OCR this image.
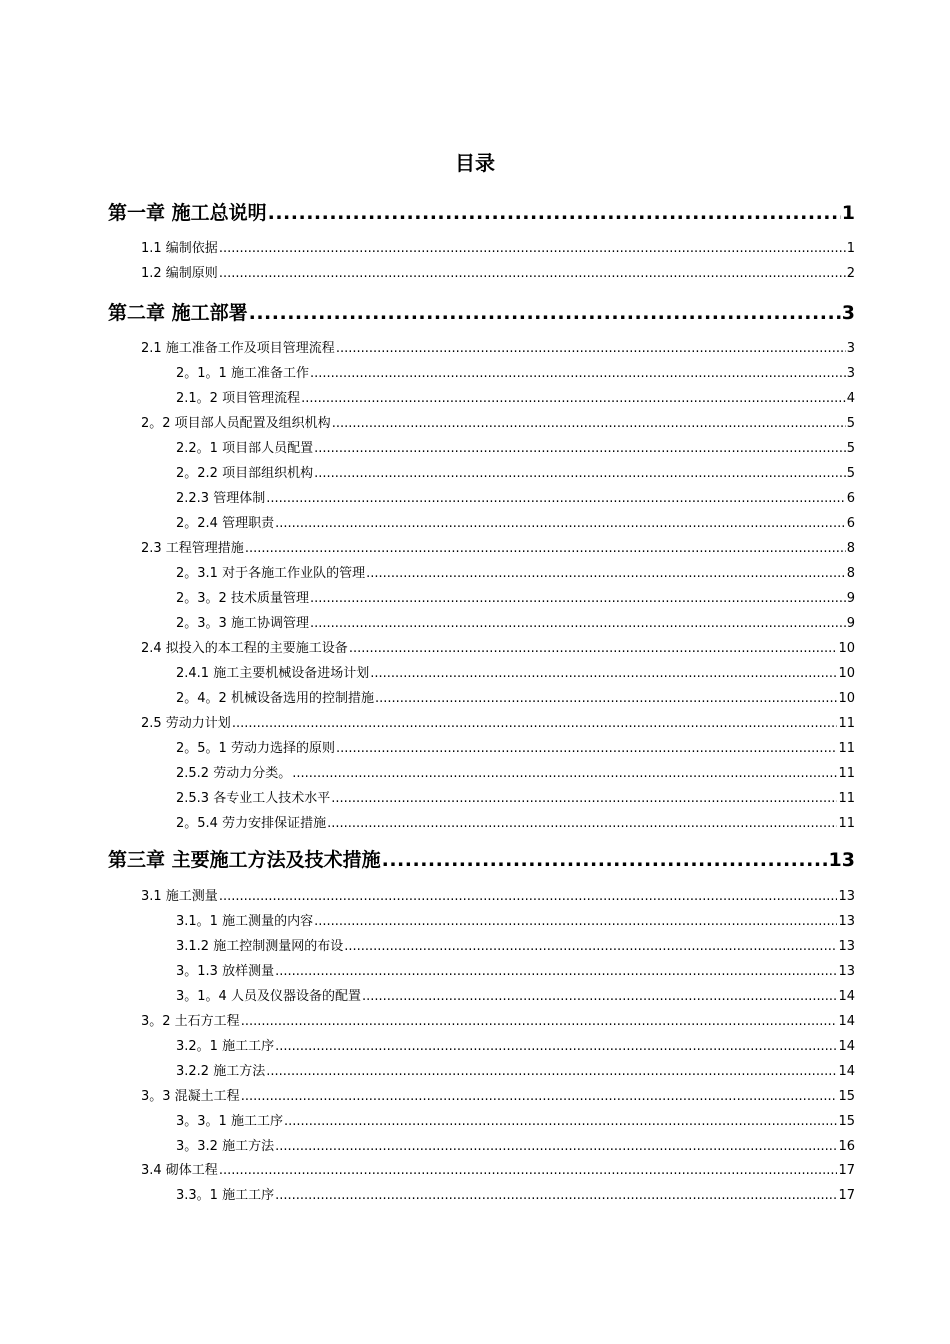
目录
第一章 施工总说明 .....	1
1.1 编制依据 .....	1
1.2 编制原则 .....	2
第二章 施工部署 .....	3
2.1 施工准备工作及项目管理流程 .....	3
2。1。1 施工准备工作 .....	3
2.1。2 项目管理流程 .....	4
2。2 项目部人员配置及组织机构 .....	5
2.2。1 项目部人员配置 .....	5
2。2.2 项目部组织机构 .....	5
2.2.3 管理体制 .....	6
2。2.4 管理职责 .....	6
2.3 工程管理措施 .....	8
2。3.1 对于各施工作业队的管理 .....	8
2。3。2 技术质量管理 .....	9
2。3。3 施工协调管理 .....	9
2.4 拟投入的本工程的主要施工设备 .....	10
2.4.1 施工主要机械设备进场计划 .....	10
2。4。2 机械设备选用的控制措施 .....	10
2.5 劳动力计划 .....	11
2。5。1 劳动力选择的原则 .....	11
2.5.2 劳动力分类。 .....	11
2.5.3 各专业工人技术水平 .....	11
2。5.4 劳力安排保证措施 .....	11
第三章 主要施工方法及技术措施 .....	13
3.1 施工测量 .....	13
3.1。1 施工测量的内容 .....	13
3.1.2 施工控制测量网的布设 .....	13
3。1.3 放样测量 .....	13
3。1。4 人员及仪器设备的配置 .....	14
3。2 土石方工程 .....	14
3.2。1 施工工序 .....	14
3.2.2 施工方法 .....	14
3。3 混凝土工程 .....	15
3。3。1 施工工序 .....	15
3。3.2 施工方法 .....	16
3.4 砌体工程 .....	17
3.3。1 施工工序 .....	17
